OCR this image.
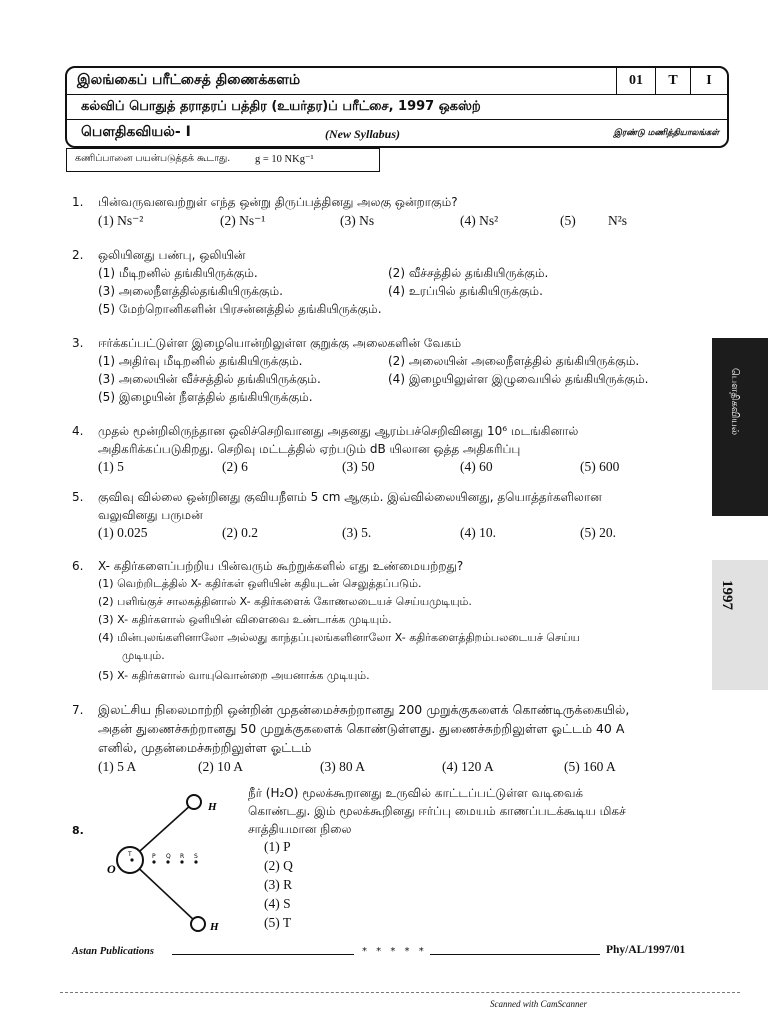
இலங்கைப் பரீட்சைத் திணைக்களம்	01	T	I
கல்விப் பொதுத் தராதரப் பத்திர (உயர்தர)ப் பரீட்சை, 1997 ஒகஸ்ற்
பௌதிகவியல்- I	(New Syllabus)	இரண்டு மணித்தியாலங்கள்
கணிப்பானை பயன்படுத்தக் கூடாது. g = 10 NKg⁻¹
1. பின்வருவனவற்றுள் எந்த ஒன்று திருப்பத்தினது அலகு ஒன்றாகும்?
(1) Ns⁻²	(2) Ns⁻¹	(3) Ns	(4) Ns²	(5) N²s
2. ஒலியினது பண்பு, ஒலியின்
(1) மீடிறனில் தங்கியிருக்கும்.	(2) வீச்சத்தில் தங்கியிருக்கும்.
(3) அலைநீளத்தில்தங்கியிருக்கும்.	(4) உரப்பில் தங்கியிருக்கும்.
(5) மேற்றொனிகளின் பிரசன்னத்தில் தங்கியிருக்கும்.
3. ஈர்க்கப்பட்டுள்ள இழையொன்றிலுள்ள குறுக்கு அலைகளின் வேகம்
(1) அதிர்வு மீடிறனில் தங்கியிருக்கும்.	(2) அலையின் அலைநீளத்தில் தங்கியிருக்கும்.
(3) அலையின் வீச்சத்தில் தங்கியிருக்கும்.	(4) இழையிலுள்ள இழுவையில் தங்கியிருக்கும்.
(5) இழையின் நீளத்தில் தங்கியிருக்கும்.
4. முதல் மூன்றிலிருந்தான ஒலிச்செறிவானது அதனது ஆரம்பச்செறிவினது 10⁶ மடங்கினால்
அதிகரிக்கப்படுகிறது. செறிவு மட்டத்தில் ஏற்படும் dB யிலான ஒத்த அதிகரிப்பு
(1) 5	(2) 6	(3) 50	(4) 60	(5) 600
5. குவிவு வில்லை ஒன்றினது குவியநீளம் 5 cm ஆகும். இவ்வில்லையினது, தயொத்தர்களிலான
வலுவினது பருமன்
(1) 0.025	(2) 0.2	(3) 5.	(4) 10.	(5) 20.
6. X- கதிர்களைப்பற்றிய பின்வரும் கூற்றுக்களில் எது உண்மையற்றது?
(1) வெற்றிடத்தில் X- கதிர்கள் ஒளியின் கதியுடன் செலுத்தப்படும்.
(2) பளிங்குச் சாலகத்தினால் X- கதிர்களைக் கோணலடையச் செய்யமுடியும்.
(3) X- கதிர்களால் ஒளியின் விளைவை உண்டாக்க முடியும்.
(4) மின்புலங்களினாலோ அல்லது காந்தப்புலங்களினாலோ X- கதிர்களைத்திறம்பலடையச் செய்ய
முடியும்.
(5) X- கதிர்களால் வாயுவொன்றை அயனாக்க முடியும்.
7. இலட்சிய நிலைமாற்றி ஒன்றின் முதன்மைச்சுற்றானது 200 முறுக்குகளைக் கொண்டிருக்கையில்,
அதன் துணைச்சுற்றானது 50 முறுக்குகளைக் கொண்டுள்ளது. துணைச்சுற்றிலுள்ள ஓட்டம் 40 A
எனில், முதன்மைச்சுற்றிலுள்ள ஓட்டம்
(1) 5 A	(2) 10 A	(3) 80 A	(4) 120 A	(5) 160 A
8.
நீர் (H₂O) மூலக்கூறானது உருவில் காட்டப்பட்டுள்ள வடிவைக்
கொண்டது. இம் மூலக்கூறினது ஈர்ப்பு மையம் காணப்படக்கூடிய மிகச்
சாத்தியமான நிலை
(1) P
(2) Q
(3) R
(4) S
(5) T
O
H
H
T	P Q R S
பௌதிகவியல்
1997
Astan Publications	* * * * *	Phy/AL/1997/01
Scanned with CamScanner
